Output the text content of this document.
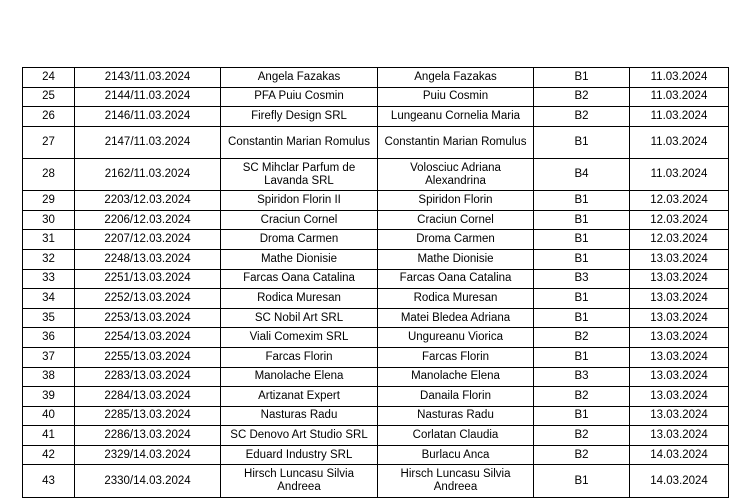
24	2143/11.03.2024	Angela Fazakas	Angela Fazakas	B1	11.03.2024
25	2144/11.03.2024	PFA Puiu Cosmin	Puiu Cosmin	B2	11.03.2024
26	2146/11.03.2024	Firefly Design SRL	Lungeanu Cornelia Maria	B2	11.03.2024
27	2147/11.03.2024	Constantin Marian Romulus	Constantin Marian Romulus	B1	11.03.2024
28	2162/11.03.2024	SC Mihclar Parfum de Lavanda SRL	Volosciuc Adriana Alexandrina	B4	11.03.2024
29	2203/12.03.2024	Spiridon Florin II	Spiridon Florin	B1	12.03.2024
30	2206/12.03.2024	Craciun Cornel	Craciun Cornel	B1	12.03.2024
31	2207/12.03.2024	Droma Carmen	Droma Carmen	B1	12.03.2024
32	2248/13.03.2024	Mathe Dionisie	Mathe Dionisie	B1	13.03.2024
33	2251/13.03.2024	Farcas Oana Catalina	Farcas Oana Catalina	B3	13.03.2024
34	2252/13.03.2024	Rodica Muresan	Rodica Muresan	B1	13.03.2024
35	2253/13.03.2024	SC Nobil Art SRL	Matei Bledea Adriana	B1	13.03.2024
36	2254/13.03.2024	Viali Comexim SRL	Ungureanu Viorica	B2	13.03.2024
37	2255/13.03.2024	Farcas Florin	Farcas Florin	B1	13.03.2024
38	2283/13.03.2024	Manolache Elena	Manolache Elena	B3	13.03.2024
39	2284/13.03.2024	Artizanat Expert	Danaila Florin	B2	13.03.2024
40	2285/13.03.2024	Nasturas Radu	Nasturas Radu	B1	13.03.2024
41	2286/13.03.2024	SC Denovo Art Studio SRL	Corlatan Claudia	B2	13.03.2024
42	2329/14.03.2024	Eduard Industry SRL	Burlacu Anca	B2	14.03.2024
43	2330/14.03.2024	Hirsch Luncasu Silvia Andreea	Hirsch Luncasu Silvia Andreea	B1	14.03.2024
